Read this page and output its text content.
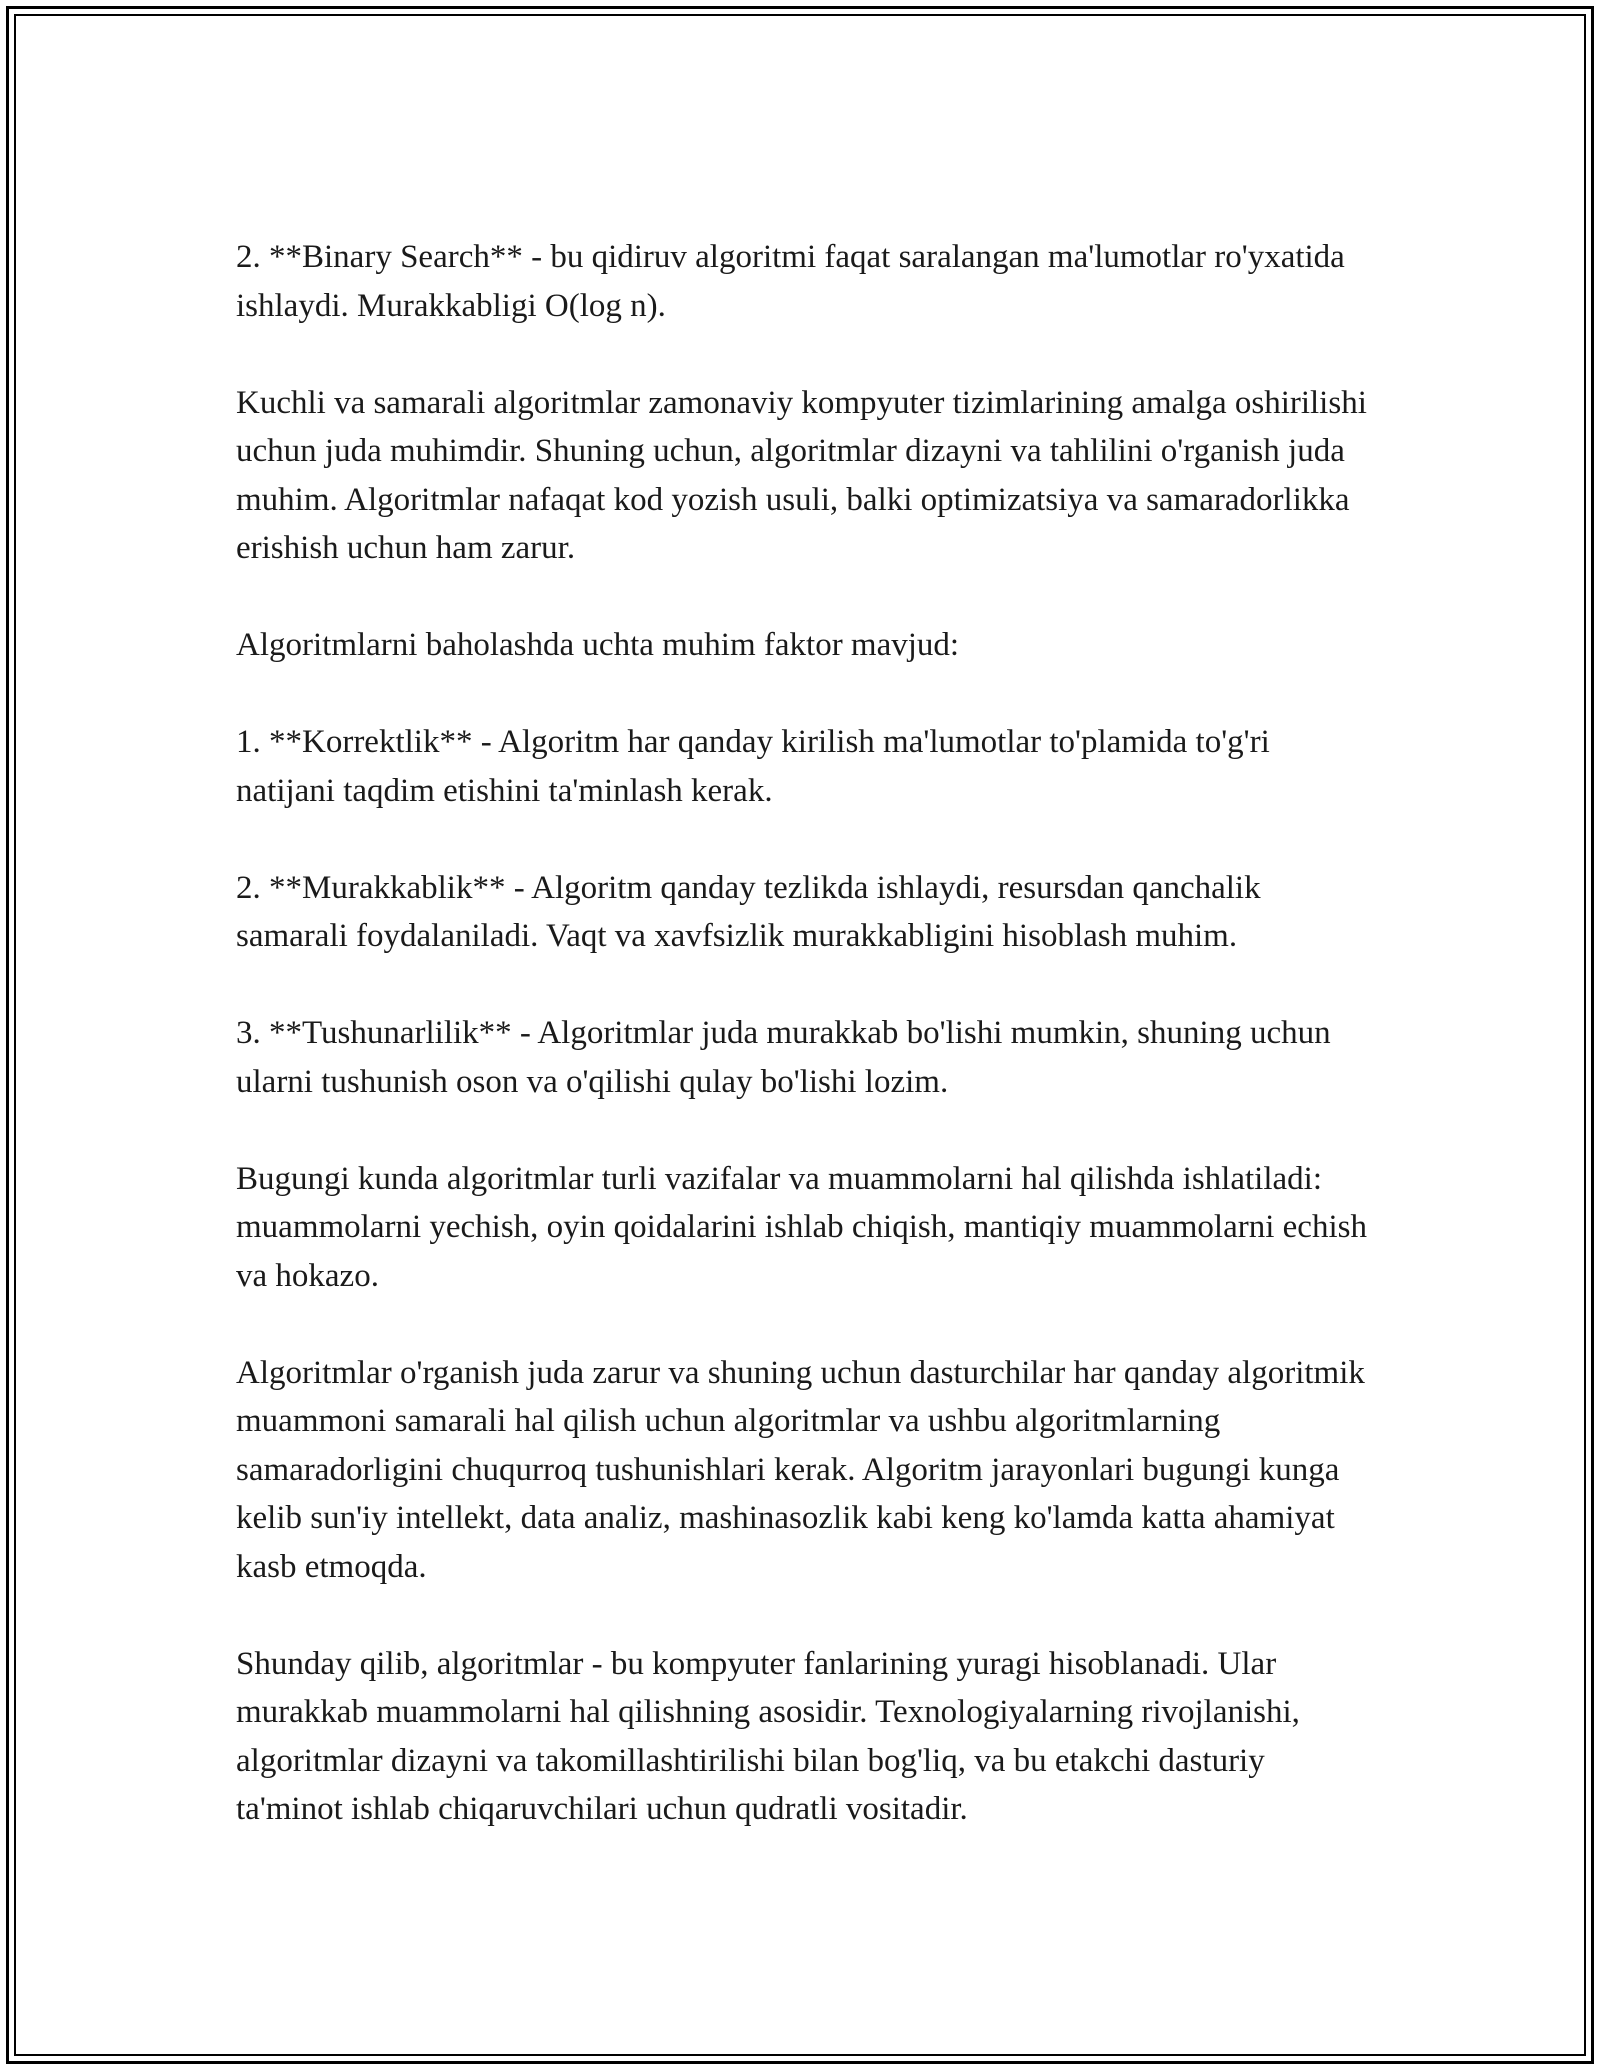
2. **Binary Search** - bu qidiruv algoritmi faqat saralangan ma'lumotlar ro'yxatida ishlaydi. Murakkabligi O(log n).

Kuchli va samarali algoritmlar zamonaviy kompyuter tizimlarining amalga oshirilishi uchun juda muhimdir. Shuning uchun, algoritmlar dizayni va tahlilini o'rganish juda muhim. Algoritmlar nafaqat kod yozish usuli, balki optimizatsiya va samaradorlikka erishish uchun ham zarur.

Algoritmlarni baholashda uchta muhim faktor mavjud:

1. **Korrektlik** - Algoritm har qanday kirilish ma'lumotlar to'plamida to'g'ri natijani taqdim etishini ta'minlash kerak.

2. **Murakkablik** - Algoritm qanday tezlikda ishlaydi, resursdan qanchalik samarali foydalaniladi. Vaqt va xavfsizlik murakkabligini hisoblash muhim.

3. **Tushunarlilik** - Algoritmlar juda murakkab bo'lishi mumkin, shuning uchun ularni tushunish oson va o'qilishi qulay bo'lishi lozim.

Bugungi kunda algoritmlar turli vazifalar va muammolarni hal qilishda ishlatiladi: muammolarni yechish, oyin qoidalarini ishlab chiqish, mantiqiy muammolarni echish va hokazo.

Algoritmlar o'rganish juda zarur va shuning uchun dasturchilar har qanday algoritmik muammoni samarali hal qilish uchun algoritmlar va ushbu algoritmlarning samaradorligini chuqurroq tushunishlari kerak. Algoritm jarayonlari bugungi kunga kelib sun'iy intellekt, data analiz, mashinasozlik kabi keng ko'lamda katta ahamiyat kasb etmoqda.

Shunday qilib, algoritmlar - bu kompyuter fanlarining yuragi hisoblanadi. Ular murakkab muammolarni hal qilishning asosidir. Texnologiyalarning rivojlanishi, algoritmlar dizayni va takomillashtirilishi bilan bog'liq, va bu etakchi dasturiy ta'minot ishlab chiqaruvchilari uchun qudratli vositadir.
